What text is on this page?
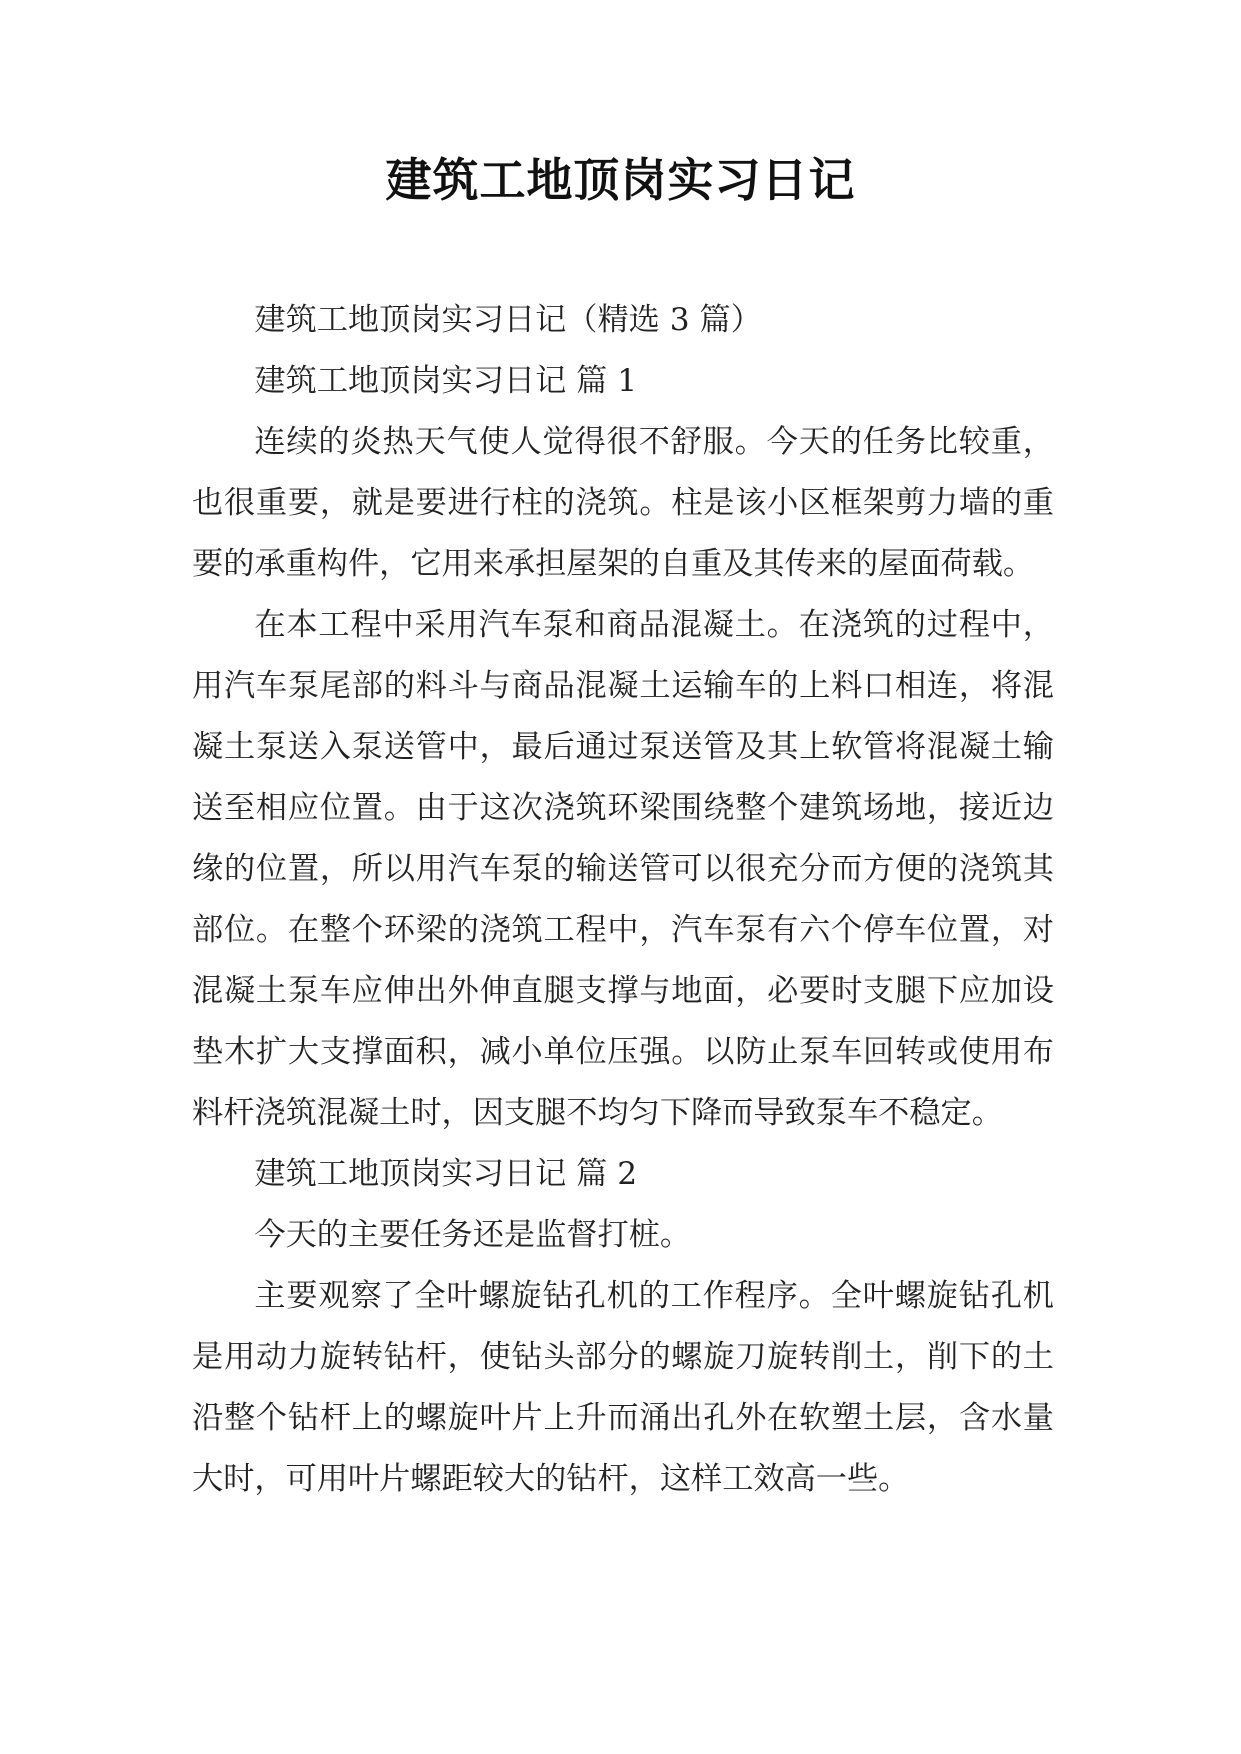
建筑工地顶岗实习日记

建筑工地顶岗实习日记（精选 3 篇）

建筑工地顶岗实习日记 篇 1

连续的炎热天气使人觉得很不舒服。今天的任务比较重，也很重要，就是要进行柱的浇筑。柱是该小区框架剪力墙的重要的承重构件，它用来承担屋架的自重及其传来的屋面荷载。

在本工程中采用汽车泵和商品混凝土。在浇筑的过程中，用汽车泵尾部的料斗与商品混凝土运输车的上料口相连，将混凝土泵送入泵送管中，最后通过泵送管及其上软管将混凝土输送至相应位置。由于这次浇筑环梁围绕整个建筑场地，接近边缘的位置，所以用汽车泵的输送管可以很充分而方便的浇筑其部位。在整个环梁的浇筑工程中，汽车泵有六个停车位置，对混凝土泵车应伸出外伸直腿支撑与地面，必要时支腿下应加设垫木扩大支撑面积，减小单位压强。以防止泵车回转或使用布料杆浇筑混凝土时，因支腿不均匀下降而导致泵车不稳定。

建筑工地顶岗实习日记 篇 2

今天的主要任务还是监督打桩。

主要观察了全叶螺旋钻孔机的工作程序。全叶螺旋钻孔机是用动力旋转钻杆，使钻头部分的螺旋刀旋转削土，削下的土沿整个钻杆上的螺旋叶片上升而涌出孔外在软塑土层，含水量大时，可用叶片螺距较大的钻杆，这样工效高一些。
